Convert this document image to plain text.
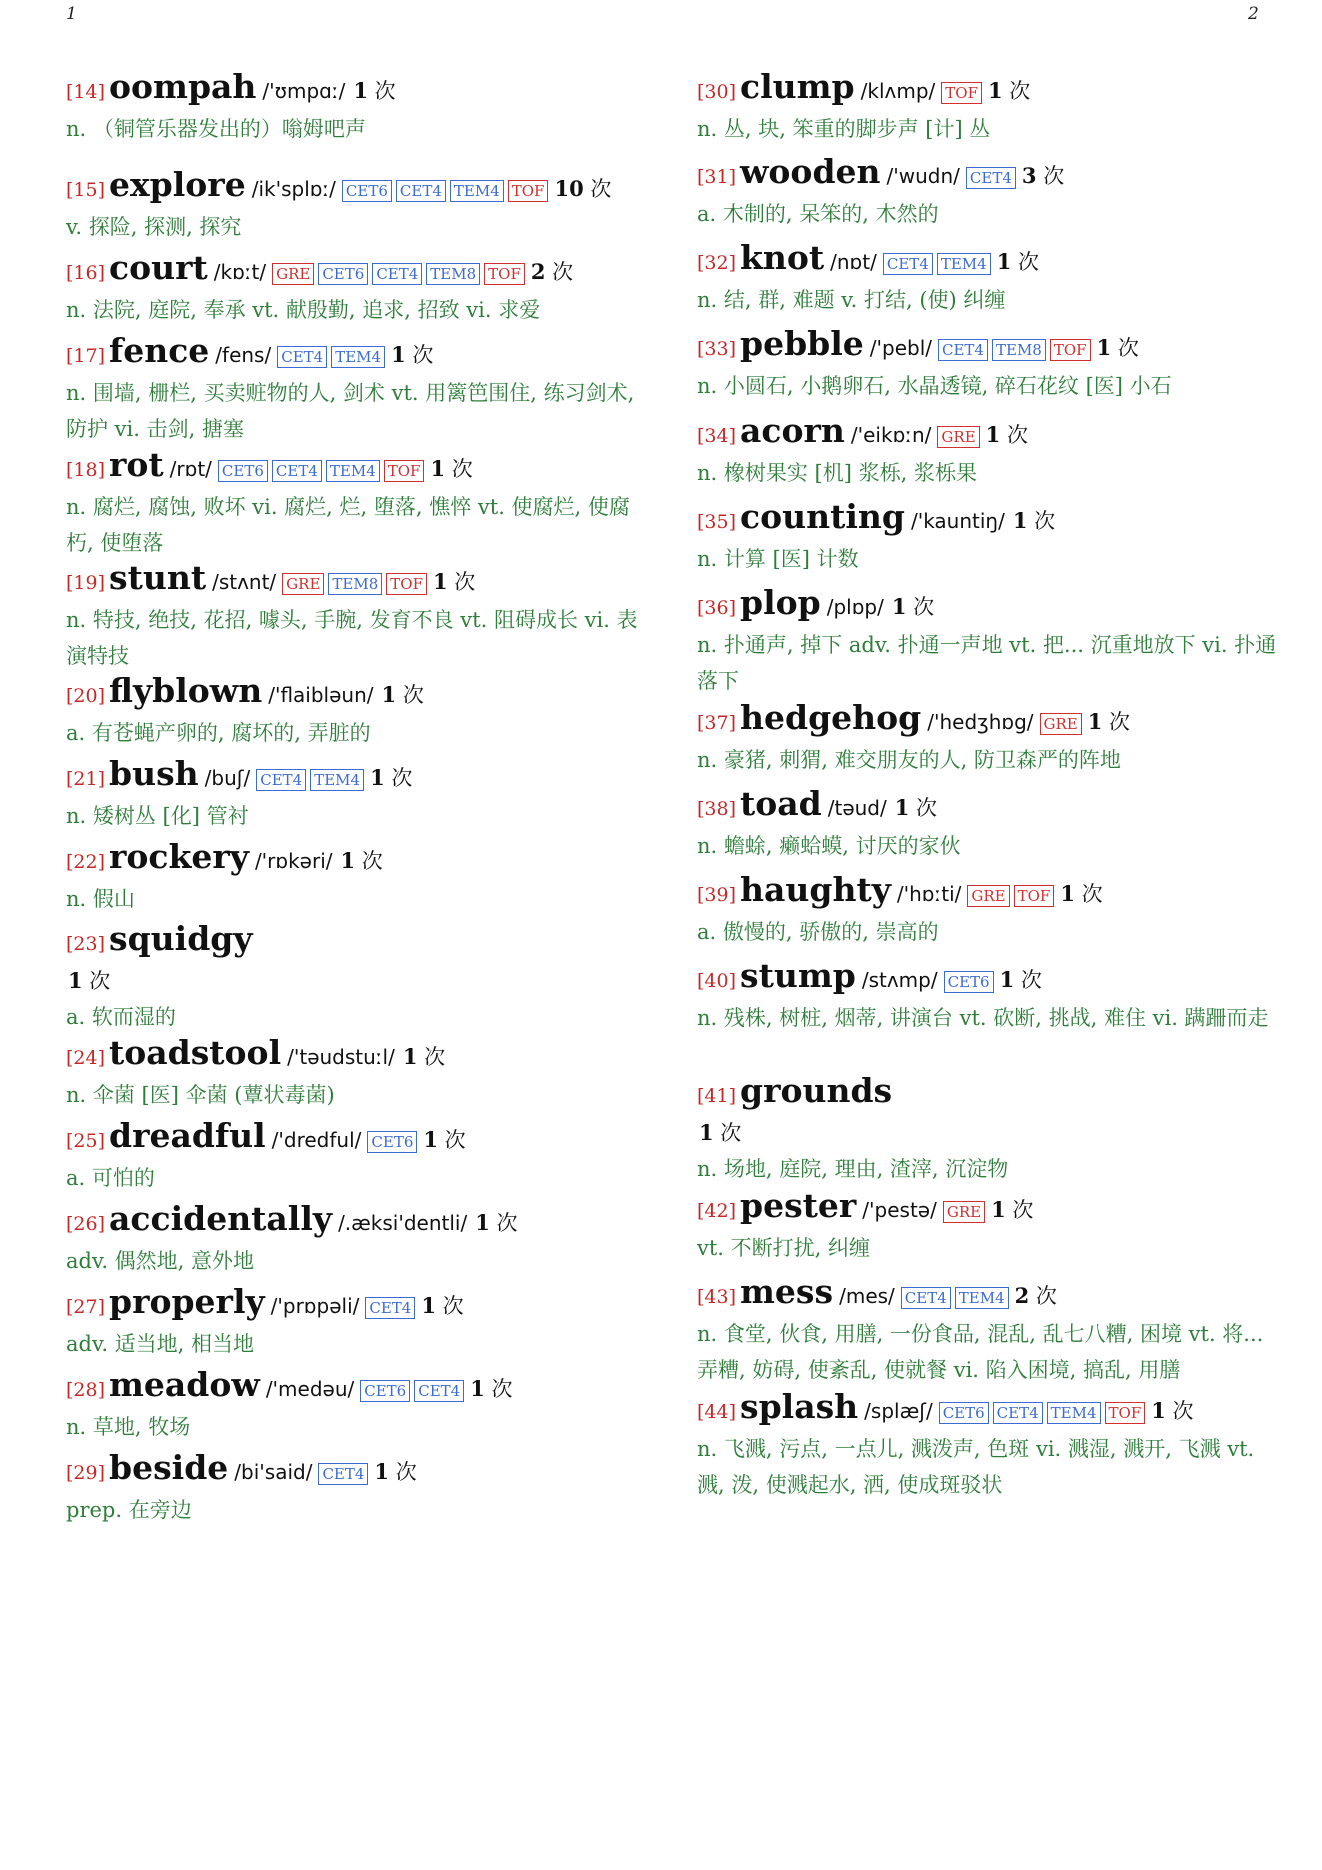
1	2
[14] oompah /'ʊmpɑː/ 1 次

n. （铜管乐器发出的）嗡姆吧声

[15] explore /ik'splɒː/ CET6 CET4 TEM4 TOF 10 次

v. 探险, 探测, 探究

[16] court /kɒːt/ GRE CET6 CET4 TEM8 TOF 2 次

n. 法院, 庭院, 奉承 vt. 献殷勤, 追求, 招致 vi. 求爱

[17] fence /fens/ CET4 TEM4 1 次

n. 围墙, 栅栏, 买卖赃物的人, 剑术 vt. 用篱笆围住, 练习剑术, 防护 vi. 击剑, 搪塞

[18] rot /rɒt/ CET6 CET4 TEM4 TOF 1 次

n. 腐烂, 腐蚀, 败坏 vi. 腐烂, 烂, 堕落, 憔悴 vt. 使腐烂, 使腐朽, 使堕落

[19] stunt /stʌnt/ GRE TEM8 TOF 1 次

n. 特技, 绝技, 花招, 噱头, 手腕, 发育不良 vt. 阻碍成长 vi. 表演特技

[20] flyblown /'flaibləun/ 1 次

a. 有苍蝇产卵的, 腐坏的, 弄脏的

[21] bush /buʃ/ CET4 TEM4 1 次

n. 矮树丛 [化] 管衬

[22] rockery /'rɒkəri/ 1 次

n. 假山

[23] squidgy
1 次

a. 软而湿的

[24] toadstool /'təudstuːl/ 1 次

n. 伞菌 [医] 伞菌 (蕈状毒菌)

[25] dreadful /'dredful/ CET6 1 次

a. 可怕的

[26] accidentally /.æksi'dentli/ 1 次

adv. 偶然地, 意外地

[27] properly /'prɒpəli/ CET4 1 次

adv. 适当地, 相当地

[28] meadow /'medəu/ CET6 CET4 1 次

n. 草地, 牧场

[29] beside /bi'said/ CET4 1 次

prep. 在旁边

[30] clump /klʌmp/ TOF 1 次

n. 丛, 块, 笨重的脚步声 [计] 丛

[31] wooden /'wudn/ CET4 3 次

a. 木制的, 呆笨的, 木然的

[32] knot /nɒt/ CET4 TEM4 1 次

n. 结, 群, 难题 v. 打结, (使) 纠缠

[33] pebble /'pebl/ CET4 TEM8 TOF 1 次

n. 小圆石, 小鹅卵石, 水晶透镜, 碎石花纹 [医] 小石

[34] acorn /'eikɒːn/ GRE 1 次

n. 橡树果实 [机] 浆栎, 浆栎果

[35] counting /'kauntiŋ/ 1 次

n. 计算 [医] 计数

[36] plop /plɒp/ 1 次

n. 扑通声, 掉下 adv. 扑通一声地 vt. 把... 沉重地放下 vi. 扑通落下

[37] hedgehog /'hedʒhɒg/ GRE 1 次

n. 豪猪, 刺猬, 难交朋友的人, 防卫森严的阵地

[38] toad /təud/ 1 次

n. 蟾蜍, 癞蛤蟆, 讨厌的家伙

[39] haughty /'hɒːti/ GRE TOF 1 次

a. 傲慢的, 骄傲的, 崇高的

[40] stump /stʌmp/ CET6 1 次

n. 残株, 树桩, 烟蒂, 讲演台 vt. 砍断, 挑战, 难住 vi. 蹒跚而走

[41] grounds
1 次

n. 场地, 庭院, 理由, 渣滓, 沉淀物

[42] pester /'pestə/ GRE 1 次

vt. 不断打扰, 纠缠

[43] mess /mes/ CET4 TEM4 2 次

n. 食堂, 伙食, 用膳, 一份食品, 混乱, 乱七八糟, 困境 vt. 将... 弄糟, 妨碍, 使紊乱, 使就餐 vi. 陷入困境, 搞乱, 用膳

[44] splash /splæʃ/ CET6 CET4 TEM4 TOF 1 次

n. 飞溅, 污点, 一点儿, 溅泼声, 色斑 vi. 溅湿, 溅开, 飞溅 vt. 溅, 泼, 使溅起水, 洒, 使成斑驳状
